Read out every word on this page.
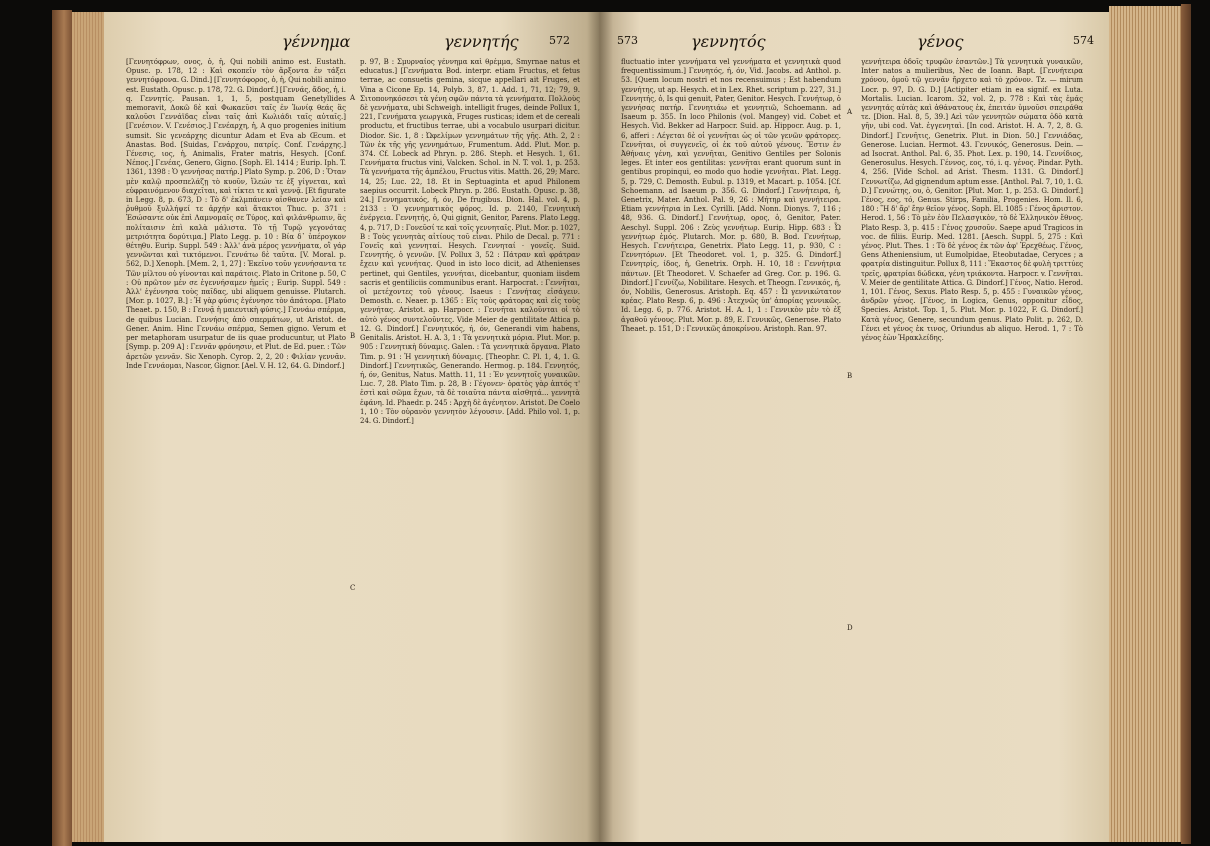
γέννημα	γεννητής	572

[Γεννητόφρων, ονος, ὁ, ἡ, Qui nobili animo est. Eustath. Opusc. p. 178, 12 : Καὶ σκοπεῖν τὸν ἄρξοντα ἐν τάξει γεννητόφρονα. G. Dind.] [Γεννητόφορος, ὁ, ἡ, Qui nobili animo est. Eustath. Opusc. p. 178, 72. G. Dindorf.] [Γεννάς, ἄδος, ἡ, i. q. Γεννητίς. Pausan. 1, 1, 5, postquam Genetyllides memoravit, Δοκῶ δὲ καὶ Φωκαεῦσι ταῖς ἐν Ἰωνίᾳ θεάς ἃς καλοῦσι Γεννάϊδας εἶναι ταῖς ἀπὶ Κωλιάδι ταῖς αὐταῖς.] [Γενέσιον. V. Γενέσιος.] Γενέαρχη, ἡ, A quo progenies initium sumsit. Sic γενεάρχης dicuntur Adam et Eva ab Œcum. et Anastas. Bod. [Suidas, Γενάρχου, πατρίς. Conf. Γενάρχης.] Γένεσις, ιος, ἡ, Animalis, Frater matris, Hesych. [Conf. Νέπος.] Γενέας, Genero, Gigno. [Soph. El. 1414 ; Eurip. Iph. T. 1361, 1398 : Ὁ γεννήσας πατήρ.] Plato Symp. p. 206, D : Ὅταν μὲν καλῷ προσπελάζῃ τὸ κυοῦν, ἵλεών τε ἐξ γίγνεται, καὶ εὐφραινόμενον διαχεῖται, καὶ τίκτει τε καὶ γεννᾷ. [Et figurate in Legg. 8, p. 673, D : Τὸ δ' ἐκλμπάνειν αἰσθανεν λείαν καὶ ῥυθμοῦ ξυλλήψεί τε ἀρχήν καὶ ἄτακτοι Thuc. p. 371 : Ἐσώσαντε οὐκ ἐπὶ Λαμνομαῖς σε Τύρος, καὶ φιλάνθρωπιν, ἂς πολίταισιν ἐπὶ καλὰ μάλιστα. Τὸ τῇ Τυρῷ γεγονότας μετριότητα δορύτιμα.] Plato Legg. p. 10 : Βία δ᾽ ὑπέρογκον θέτηθυ. Eurip. Suppl. 549 : Ἀλλ' ἀνὰ μέρος γεννήματα, οἳ γάρ γεννῶνται καὶ τικτόμενοι. Γεννάτω δὲ ταῦτα. [V. Moral. p. 562, D.] Xenoph. [Mem. 2, 1, 27] : Ἐκεῖνο τοῦν γεννήσαντα τε Τῶν μίλτου οὐ γίνονται καὶ παράτοις. Plato in Critone p. 50, C : Οὐ πρῶτον μέν σε ἐγεννήσαμεν ἡμεῖς ; Eurip. Suppl. 549 : Ἀλλ' ἐγέννησα τοὺς παῖδας, ubi aliquem genuisse. Plutarch. [Mor. p. 1027, B.] : Ἡ γὰρ φύσις ἐγέννησε τὸν ἀπάτορα. [Plato Theaet. p. 150, B : Γεννᾷ ἡ μαιευτικὴ φύσις.] Γεννάω σπέρμα, de quibus Lucian. Γεννήσις ἀπὸ σπερμάτων, ut Aristot. de Gener. Anim. Hinc Γεννάω σπέρμα, Semen gigno. Verum et per metaphoram usurpatur de iis quae producuntur, ut Plato [Symp. p. 209 A] : Γεννᾶν φρόνησιν, et Plut. de Ed. puer. : Τῶν ἀρετῶν γεννᾶν. Sic Xenoph. Cyrop. 2, 2, 20 : Φιλίαν γεννᾶν. Inde Γεννάομαι, Nascor, Gignor. [Ael. V. H. 12, 64. G. Dindorf.]

A
B
C

p. 97, B : Σμυρναίος γέννημα καὶ θρέμμα, Smyrnae natus et educatus.] [Γεννήματα Bod. interpr. etiam Fructus, et fetus terrae, ac consuetis gemina, sicque appellari ait Fruges, et Vina a Cicone Ep. 14, Polyb. 3, 87, 1. Add. 1, 71, 12; 79, 9. Σιτοπονηκόσεσι τὰ γένη σφῶν πάντα τὰ γεννήματα. Πολλοὺς δὲ γεννήματα, ubi Schweigh. intelligit fruges, deinde Pollux 1, 221, Γεννήματα γεωργικὰ, Fruges rusticas; idem et de cereali productu, et fructibus terrae, ubi a vocabulo usurpari dicitur. Diodor. Sic. 1, 8 : Ὠφελίμων γεννημάτων τῆς γῆς. Ath. 2, 2 : Τῶν ἐκ τῆς γῆς γεννημάτων, Frumentum. Add. Plut. Mor. p. 374. Cf. Lobeck ad Phryn. p. 286. Steph. et Hesych. 1, 61. Γεννήματα fructus vini, Valcken. Schol. in N. T. vol. 1, p. 253. Τὰ γεννήματα τῆς ἀμπέλου, Fructus vitis. Matth. 26, 29; Marc. 14, 25; Luc. 22, 18. Et in Septuaginta et apud Philonem saepius occurrit. Lobeck Phryn. p. 286. Eustath. Opusc. p. 38, 24.] Γεννηματικός, ή, όν, De frugibus. Dion. Hal. vol. 4, p. 2133 : Ὁ γεννηματικὸς φόρος. Id. p. 2140, Γεννητικὴ ἐνέργεια. Γεννητής, ὁ, Qui gignit, Genitor, Parens. Plato Legg. 4, p. 717, D : Γονεῦσί τε καὶ τοῖς γεννηταῖς. Plut. Mor. p. 1027, B : Τοὺς γεννητὰς αἰτίους τοῦ εἶναι. Philo de Decal. p. 771 : Γονεῖς καὶ γεννηταί. Hesych. Γεννηταί · γονεῖς. Suid. Γεννητής, ὁ γεννῶν. [V. Pollux 3, 52 : Πάτραν καὶ φράτραν ἔχειν καὶ γεννήτας. Quod in isto loco dicit, ad Athenienses pertinet, qui Gentiles, γεννήται, dicebantur, quoniam iisdem sacris et gentiliciis communibus erant. Harpocrat. : Γεννῆται, οἱ μετέχοντες τοῦ γένους. Isaeus : Γεννήτας εἰσάγειν. Demosth. c. Neaer. p. 1365 : Εἰς τοὺς φράτορας καὶ εἰς τοὺς γεννήτας. Aristot. ap. Harpocr. : Γεννῆται καλοῦνται οἱ τὸ αὐτὸ γένος συντελοῦντες. Vide Meier de gentilitate Attica p. 12. G. Dindorf.] Γεννητικός, ή, όν, Generandi vim habens, Genitalis. Aristot. H. A. 3, 1 : Τὰ γεννητικὰ μόρια. Plut. Mor. p. 905 : Γεννητικὴ δύναμις. Galen. : Τὰ γεννητικὰ ὄργανα. Plato Tim. p. 91 : Ἡ γεννητικὴ δύναμις. [Theophr. C. Pl. 1, 4, 1. G. Dindorf.] Γεννητικῶς, Generando. Hermog. p. 184. Γεννητός, ή, όν, Genitus, Natus. Matth. 11, 11 : Ἐν γεννητοῖς γυναικῶν. Luc. 7, 28. Plato Tim. p. 28, B : Γέγονεν· ὁρατὸς γὰρ ἁπτός τ' ἐστὶ καὶ σῶμα ἔχων, τὰ δὲ τοιαῦτα πάντα αἰσθητά... γεννητὰ ἐφάνη. Id. Phaedr. p. 245 : Ἀρχὴ δὲ ἀγένητον. Aristot. De Coelo 1, 10 : Τὸν οὐρανὸν γεννητὸν λέγουσιν. [Add. Philo vol. 1, p. 24. G. Dindorf.]

573	γεννητός	γένος	574

fluctuatio inter γεννήματα vel γεννήματα et γεννητικὰ quod frequentissimum.] Γεννητός, ή, όν, Vid. Jacobs. ad Anthol. p. 53. [Quem locum nostri et nos recensuimus ; Est habendum γεννήτης, ut ap. Hesych. et in Lex. Rhet. scriptum p. 227, 31.] Γεννητής, ὁ, Is qui genuit, Pater, Genitor. Hesych. Γεννήτωρ, ὁ γεννήσας πατήρ. Γεννητιάω et γεννητιῶ, Schoemann. ad Isaeum p. 355. In loco Philonis (vol. Mangey) vid. Cobet et Hesych. Vid. Bekker ad Harpocr. Suid. ap. Hippocr. Aug. p. 1, 6, afferi : Λέγεται δὲ οἱ γεννῆται ὡς οἱ τῶν γενῶν φράτορες. Γεννῆται, οἱ συγγενεῖς, οἱ ἐκ τοῦ αὐτοῦ γένους. Ἔστιν ἐν Ἀθήναις γένη, καὶ γεννῆται, Genitivo Gentiles per Solonis leges. Et inter eos gentilitas: γεννῆται erant quorum sunt in gentibus propinqui, eo modo quo hodie γεννῆται. Plat. Legg. 5, p. 729, C. Demosth. Eubul. p. 1319, et Macart. p. 1054. [Cf. Schoemann. ad Isaeum p. 356. G. Dindorf.] Γεννήτειρα, ἡ, Genetrix, Mater. Anthol. Pal. 9, 26 : Μήτηρ καὶ γεννήτειρα. Etiam γεννήτρια in Lex. Cyrilli. [Add. Nonn. Dionys. 7, 116 ; 48, 936. G. Dindorf.] Γεννήτωρ, ορος, ὁ, Genitor, Pater. Aeschyl. Suppl. 206 : Ζεὺς γεννήτωρ. Eurip. Hipp. 683 : Ὦ γεννήτωρ ἐμός. Plutarch. Mor. p. 680, B. Bod. Γεννήτωρ, Hesych. Γεννήτειρα, Genetrix. Plato Legg. 11, p. 930, C : Γεννητόρων. [Et Theodoret. vol. 1, p. 325. G. Dindorf.] Γεννητρίς, ίδος, ἡ, Genetrix. Orph. H. 10, 18 : Γεννήτρια πάντων. [Et Theodoret. V. Schaefer ad Greg. Cor. p. 196. G. Dindorf.] Γεννίζω, Nobilitare. Hesych. et Theogn. Γεννικός, ή, όν, Nobilis, Generosus. Aristoph. Eq. 457 : Ὦ γεννικώτατον κρέας. Plato Resp. 6, p. 496 : Ἀτεχνῶς ὑπ' ἀπορίας γεννικῶς. Id. Legg. 6, p. 776. Aristot. H. A. 1, 1 : Γεννικὸν μὲν τὸ ἐξ ἀγαθοῦ γένους. Plut. Mor. p. 89, E. Γεννικῶς, Generose. Plato Theaet. p. 151, D : Γεννικῶς ἀποκρίνου. Aristoph. Ran. 97.

A
B
D

γεννήτειρα ὁδοῖς τρυφῶν ἐσαντῶν.] Τὰ γεννητικὰ γυναικῶν, Inter natos a mulieribus, Nec de Ioann. Bapt. [Γεννήτειρα χρόνου, ὁμοῦ τῷ γεννᾶν ἤρχετο καὶ τὸ χρόνον. Tz. — mirum Locr. p. 97, D. G. D.] [Actipiter etiam in ea signif. ex Luta. Mortalis. Lucian. Icarom. 32, vol. 2, p. 778 : Καὶ τὰς ἐμάς γεννητάς αὐτὰς καὶ ἀθάνατους ἐκ, ἐπειτάν ὑμνοῦσι σπειράθα τε. [Dion. Hal. 8, 5, 39.] Αεὶ τῶν γεννητῶν σώματα ὁδὸ κατὰ γῆν, ubi cod. Vat. ἐγγενηταὶ. [In cod. Aristot. H. A. 7, 2, 8. G. Dindorf.] Γεννῆτις, Genetrix. Plut. in Dion. 50.] Γεννιάδας, Generose. Lucian. Hermot. 43. Γεννικός, Generosus. Dein. — ad Isocrat. Anthol. Pal. 6, 35. Phot. Lex. p. 190, 14. Γεννίδιος, Generosulus. Hesych. Γέννος, εος, τό, i. q. γένος. Pindar. Pyth. 4, 256. [Vide Schol. ad Arist. Thesm. 1131. G. Dindorf.] Γεννωτίζω, Ad gignendum aptum esse. [Anthol. Pal. 7, 10, 1. G. D.] Γεννώτης, ου, ὁ, Genitor. [Plut. Mor. 1, p. 253. G. Dindorf.] Γένος, εος, τό, Genus. Stirps, Familia, Progenies. Hom. Il. 6, 180 : Ἣ δ' ἄρ' ἔην θεῖον γένος. Soph. El. 1085 : Γένος ἄριστον. Herod. 1, 56 : Τὸ μὲν ἐὸν Πελασγικὸν, τὸ δὲ Ἑλληνικὸν ἔθνος. Plato Resp. 3, p. 415 : Γένος χρυσοῦν. Saepe apud Tragicos in voc. de filiis. Eurip. Med. 1281. [Aesch. Suppl. 5, 275 : Καὶ γένος. Plut. Thes. 1 : Τὸ δὲ γένος ἐκ τῶν ἀφ' Ἐρεχθέως. Γένος, Gens Atheniensium, ut Eumolpidae, Eteobutadae, Ceryces ; a φρατρία distinguitur. Pollux 8, 111 : Ἕκαστος δὲ φυλὴ τριττύες τρεῖς, φρατρίαι δώδεκα, γένη τριάκοντα. Harpocr. v. Γεννῆται. V. Meier de gentilitate Attica. G. Dindorf.] Γένος, Natio. Herod. 1, 101. Γένος, Sexus. Plato Resp. 5, p. 455 : Γυναικῶν γένος, ἀνδρῶν γένος. [Γένος, in Logica, Genus, opponitur εἶδος, Species. Aristot. Top. 1, 5. Plut. Mor. p. 1022, F. G. Dindorf.] Κατὰ γένος, Genere, secundum genus. Plato Polit. p. 262, D. Γένει et γένος ἐκ τινος, Oriundus ab aliquo. Herod. 1, 7 : Τὸ γένος ἐὼν Ἡρακλείδης.
